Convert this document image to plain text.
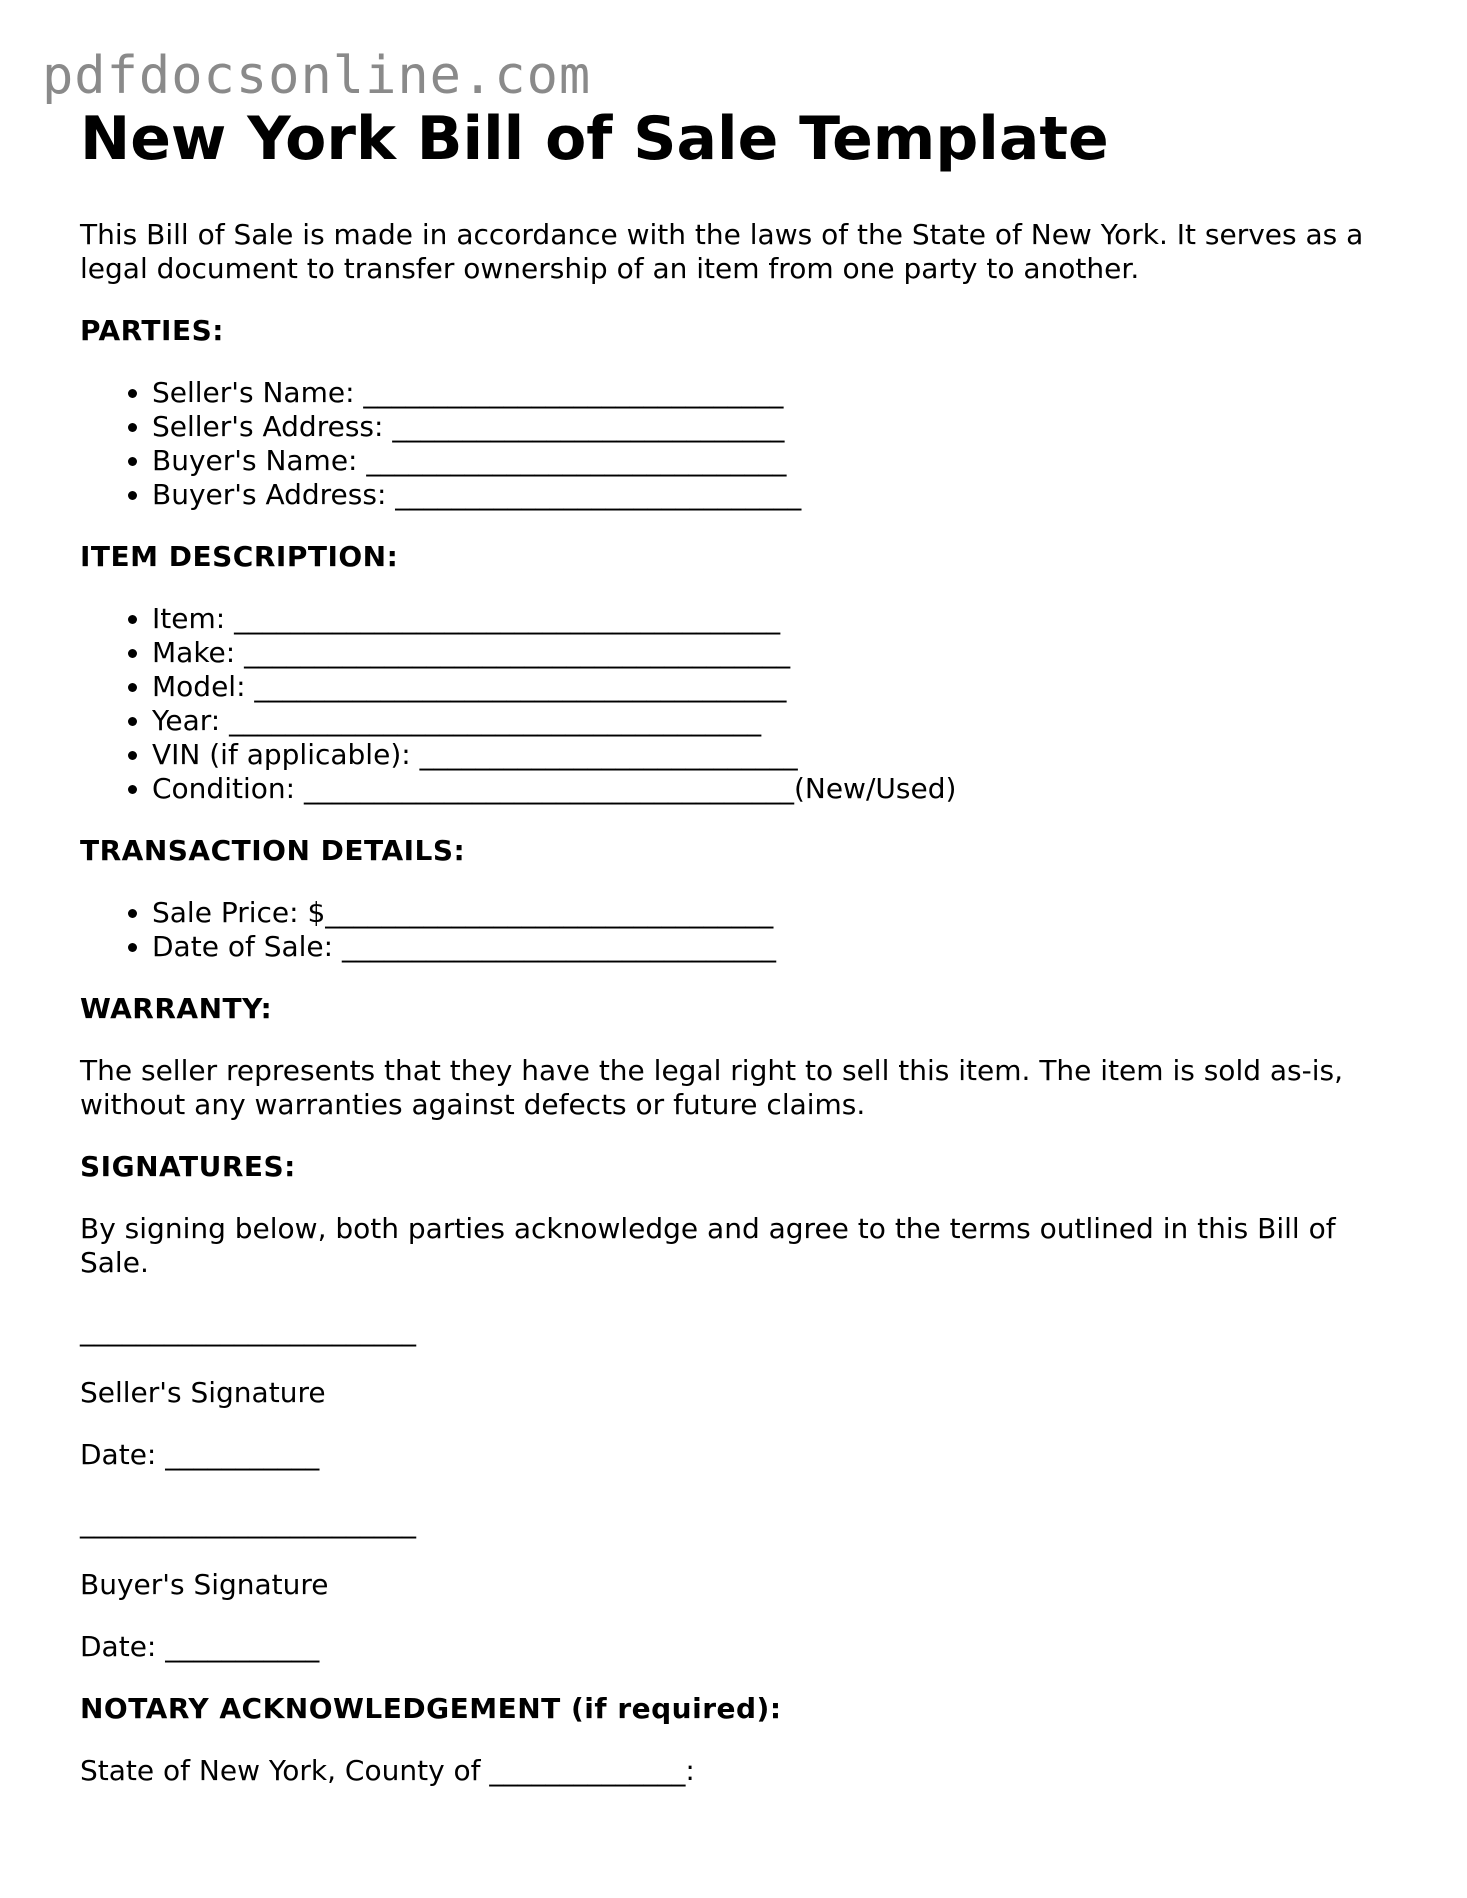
pdfdocsonline.com
New York Bill of Sale Template

This Bill of Sale is made in accordance with the laws of the State of New York. It serves as a legal document to transfer ownership of an item from one party to another.

PARTIES:
• Seller's Name: ______________________________
• Seller's Address: ____________________________
• Buyer's Name: ______________________________
• Buyer's Address: _____________________________
ITEM DESCRIPTION:
• Item: _______________________________________
• Make: _______________________________________
• Model: ______________________________________
• Year: ______________________________________
• VIN (if applicable): ___________________________
• Condition: ___________________________________(New/Used)
TRANSACTION DETAILS:
• Sale Price: $________________________________
• Date of Sale: _______________________________
WARRANTY:

The seller represents that they have the legal right to sell this item. The item is sold as-is, without any warranties against defects or future claims.

SIGNATURES:

By signing below, both parties acknowledge and agree to the terms outlined in this Bill of Sale.

________________________
Seller's Signature
Date: ___________
________________________
Buyer's Signature
Date: ___________
NOTARY ACKNOWLEDGEMENT (if required):
State of New York, County of ______________:
